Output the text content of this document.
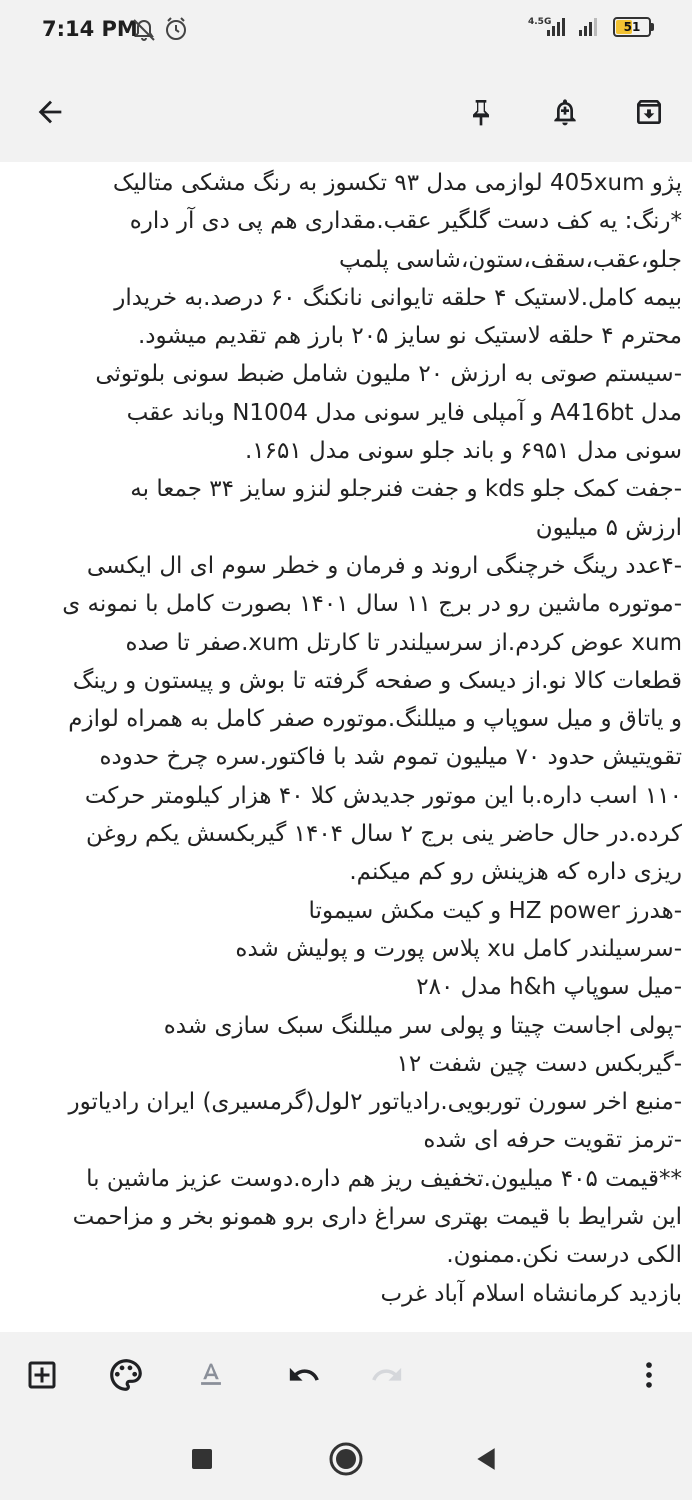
7:14 PM	4.5G	51
پژو 405xum لوازمی مدل ۹۳ تکسوز به رنگ مشکی متالیک
*رنگ: یه کف دست گلگیر عقب.مقداری هم پی دی آر داره
جلو،عقب،سقف،ستون،شاسی پلمپ
بیمه کامل.لاستیک ۴ حلقه تایوانی نانکنگ ۶۰ درصد.به خریدار
محترم ۴ حلقه لاستیک نو سایز ۲۰۵ بارز هم تقدیم میشود.
-سیستم صوتی به ارزش ۲۰ ملیون شامل ضبط سونی بلوتوثی
مدل A416bt و آمپلی فایر سونی مدل N1004 وباند عقب
سونی مدل ۶۹۵۱ و باند جلو سونی مدل ۱۶۵۱.
-جفت کمک جلو kds و جفت فنرجلو لنزو سایز ۳۴ جمعا به
ارزش ۵ میلیون
-۴عدد رینگ خرچنگی اروند و فرمان و خطر سوم ای ال ایکسی
-موتوره ماشین رو در برج ۱۱ سال ۱۴۰۱ بصورت کامل با نمونه ی
xum عوض کردم.از سرسیلندر تا کارتل xum.صفر تا صده
قطعات کالا نو.از دیسک و صفحه گرفته تا بوش و پیستون و رینگ
و یاتاق و میل سوپاپ و میللنگ.موتوره صفر کامل به همراه لوازم
تقویتیش حدود ۷۰ میلیون تموم شد با فاکتور.سره چرخ حدوده
۱۱۰ اسب داره.با این موتور جدیدش کلا ۴۰ هزار کیلومتر حرکت
کرده.در حال حاضر ینی برج ۲ سال ۱۴۰۴ گیربکسش یکم روغن
ریزی داره که هزینش رو کم میکنم.
-هدرز HZ power و کیت مکش سیموتا
-سرسیلندر کامل xu پلاس پورت و پولیش شده
-میل سوپاپ h&h مدل ۲۸۰
-پولی اجاست چیتا و پولی سر میللنگ سبک سازی شده
-گیربکس دست چین شفت ۱۲
-منبع اخر سورن توربویی.رادیاتور ۲لول(گرمسیری) ایران رادیاتور
-ترمز تقویت حرفه ای شده
**قیمت ۴۰۵ میلیون.تخفیف ریز هم داره.دوست عزیز ماشین با
این شرایط با قیمت بهتری سراغ داری برو همونو بخر و مزاحمت
الکی درست نکن.ممنون.
بازدید کرمانشاه اسلام آباد غرب
